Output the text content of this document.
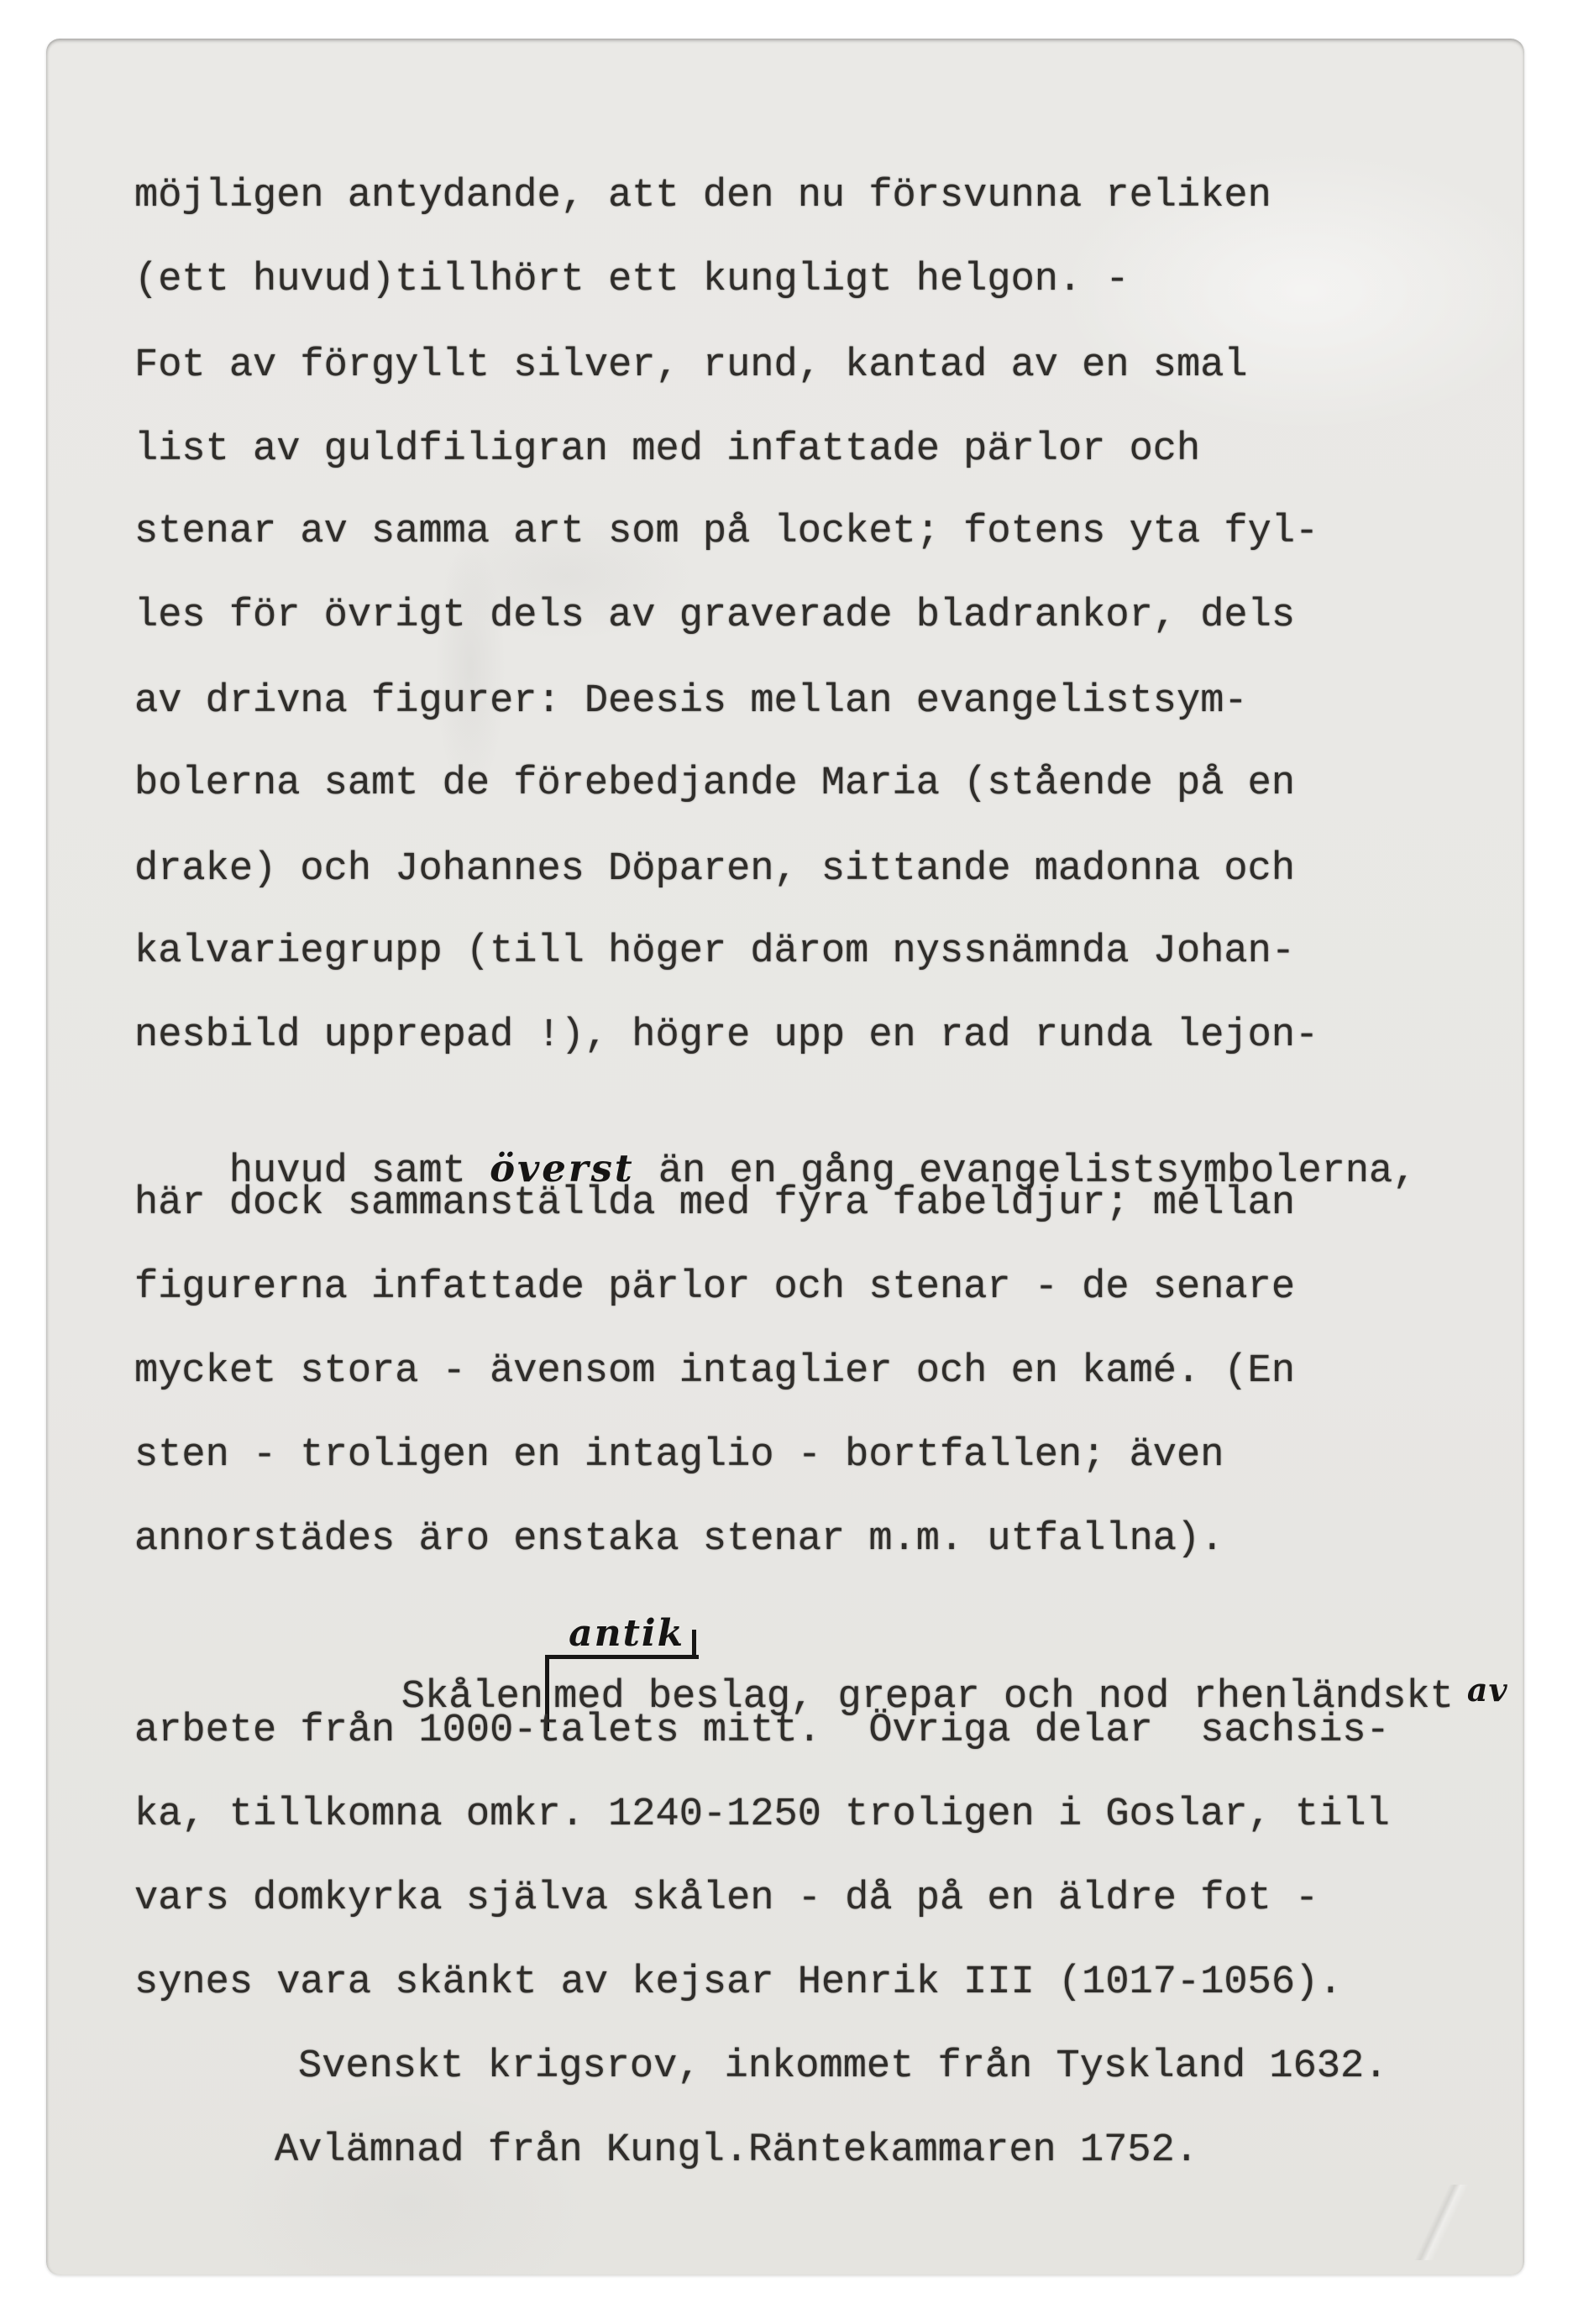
möjligen antydande, att den nu försvunna reliken
(ett huvud)tillhört ett kungligt helgon. -
Fot av förgyllt silver, rund, kantad av en smal
list av guldfiligran med infattade pärlor och
stenar av samma art som på locket; fotens yta fyl-
les för övrigt dels av graverade bladrankor, dels
av drivna figurer: Deesis mellan evangelistsym-
bolerna samt de förebedjande Maria (stående på en
drake) och Johannes Döparen, sittande madonna och
kalvariegrupp (till höger därom nyssnämnda Johan-
nesbild upprepad !), högre upp en rad runda lejon-

huvud samt överst än en gång evangelistsymbolerna,

här dock sammanställda med fyra fabeldjur; mellan
figurerna infattade pärlor och stenar - de senare
mycket stora - ävensom intaglier och en kamé. (En
sten - troligen en intaglio - bortfallen; även
annorstädes äro enstaka stenar m.m. utfallna).

Skålen
antik
med beslag, grepar och nod rhenländskt av

arbete från 1000-talets mitt.  Övriga delar  sachsis-
ka, tillkomna omkr. 1240-1250 troligen i Goslar, till
vars domkyrka själva skålen - då på en äldre fot -
synes vara skänkt av kejsar Henrik III (1017-1056).
Svenskt krigsrov, inkommet från Tyskland 1632.
Avlämnad från Kungl.Räntekammaren 1752.
